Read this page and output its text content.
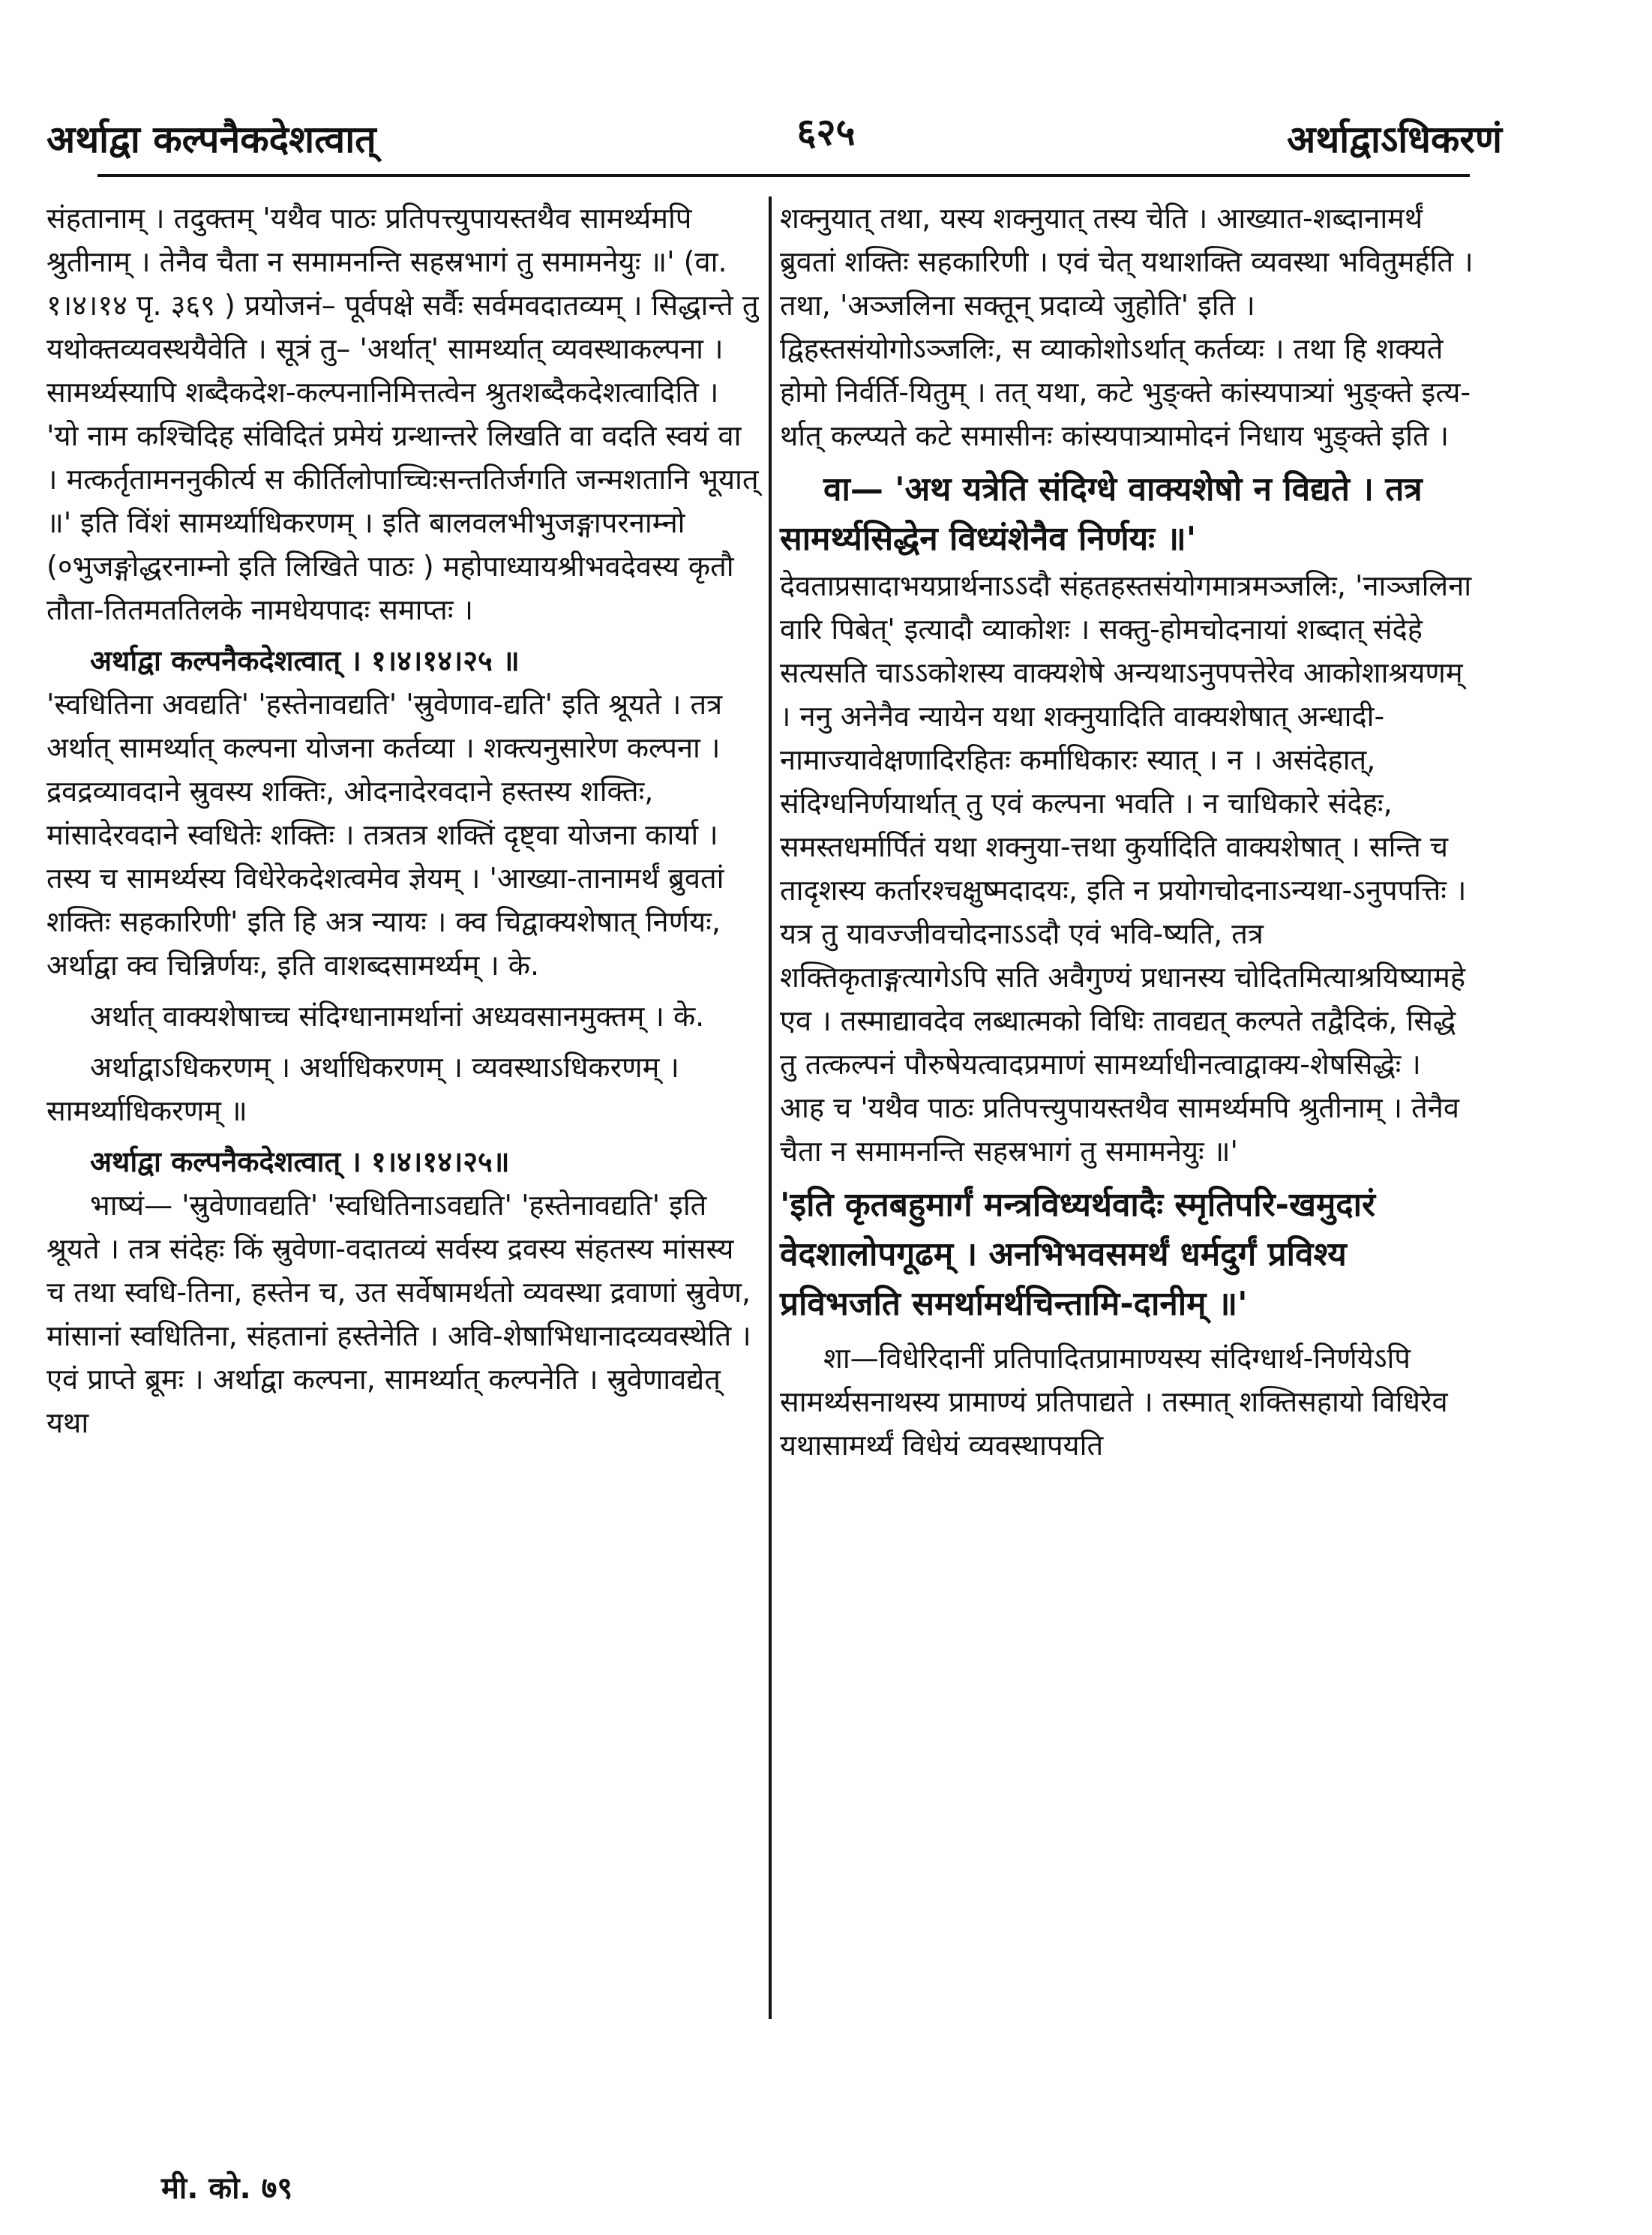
अर्थाद्वा कल्पनैकदेशत्वात्	६२५	अर्थाद्वाऽधिकरणं

संहतानाम् । तदुक्तम् 'यथैव पाठः प्रतिपत्त्युपायस्तथैव सामर्थ्यमपि श्रुतीनाम् । तेनैव चैता न समामनन्ति सहस्रभागं तु समामनेयुः ॥' (वा. १।४।१४ पृ. ३६९ ) प्रयोजनं– पूर्वपक्षे सर्वैः सर्वमवदातव्यम् । सिद्धान्ते तु यथोक्तव्यवस्थयैवेति । सूत्रं तु– 'अर्थात्' सामर्थ्यात् व्यवस्थाकल्पना । सामर्थ्यस्यापि शब्दैकदेश-कल्पनानिमित्तत्वेन श्रुतशब्दैकदेशत्वादिति । 'यो नाम कश्चिदिह संविदितं प्रमेयं ग्रन्थान्तरे लिखति वा वदति स्वयं वा । मत्कर्तृतामननुकीर्त्य स कीर्तिलोपाच्चिःसन्ततिर्जगति जन्मशतानि भूयात् ॥' इति विंशं सामर्थ्याधिकरणम् । इति बालवलभीभुजङ्गापरनाम्नो (०भुजङ्गोद्धरनाम्नो इति लिखिते पाठः ) महोपाध्यायश्रीभवदेवस्य कृतौ तौता-तितमततिलके नामधेयपादः समाप्तः ।

अर्थाद्वा कल्पनैकदेशत्वात् । १।४।१४।२५ ॥

'स्वधितिना अवद्यति' 'हस्तेनावद्यति' 'स्रुवेणाव-द्यति' इति श्रूयते । तत्र अर्थात् सामर्थ्यात् कल्पना योजना कर्तव्या । शक्त्यनुसारेण कल्पना । द्रवद्रव्यावदाने स्रुवस्य शक्तिः, ओदनादेरवदाने हस्तस्य शक्तिः, मांसादेरवदाने स्वधितेः शक्तिः । तत्रतत्र शक्तिं दृष्ट्वा योजना कार्या । तस्य च सामर्थ्यस्य विधेरेकदेशत्वमेव ज्ञेयम् । 'आख्या-तानामर्थं ब्रुवतां शक्तिः सहकारिणी' इति हि अत्र न्यायः । क्व चिद्वाक्यशेषात् निर्णयः, अर्थाद्वा क्व चिन्निर्णयः, इति वाशब्दसामर्थ्यम् । के.

अर्थात् वाक्यशेषाच्च संदिग्धानामर्थानां अध्यवसानमुक्तम् । के.

अर्थाद्वाऽधिकरणम् । अर्थाधिकरणम् । व्यवस्थाऽधिकरणम् । सामर्थ्याधिकरणम् ॥

अर्थाद्वा कल्पनैकदेशत्वात् । १।४।१४।२५॥

भाष्यं— 'स्रुवेणावद्यति' 'स्वधितिनाऽवद्यति' 'हस्तेनावद्यति' इति श्रूयते । तत्र संदेहः किं स्रुवेणा-वदातव्यं सर्वस्य द्रवस्य संहतस्य मांसस्य च तथा स्वधि-तिना, हस्तेन च, उत सर्वेषामर्थतो व्यवस्था द्रवाणां स्रुवेण, मांसानां स्वधितिना, संहतानां हस्तेनेति । अवि-शेषाभिधानादव्यवस्थेति । एवं प्राप्ते ब्रूमः । अर्थाद्वा कल्पना, सामर्थ्यात् कल्पनेति । स्रुवेणावद्येत् यथा

शक्नुयात् तथा, यस्य शक्नुयात् तस्य चेति । आख्यात-शब्दानामर्थं ब्रुवतां शक्तिः सहकारिणी । एवं चेत् यथाशक्ति व्यवस्था भवितुमर्हति । तथा, 'अञ्जलिना सक्तून् प्रदाव्ये जुहोति' इति । द्विहस्तसंयोगोऽञ्जलिः, स व्याकोशोऽर्थात् कर्तव्यः । तथा हि शक्यते होमो निर्वर्ति-यितुम् । तत् यथा, कटे भुङ्क्ते कांस्यपात्र्यां भुङ्क्ते इत्य-र्थात् कल्प्यते कटे समासीनः कांस्यपात्र्यामोदनं निधाय भुङ्क्ते इति ।

वा— 'अथ यत्रेति संदिग्धे वाक्यशेषो न विद्यते । तत्र सामर्थ्यसिद्धेन विध्यंशेनैव निर्णयः ॥'

देवताप्रसादाभयप्रार्थनाऽऽदौ संहतहस्तसंयोगमात्रमञ्जलिः, 'नाञ्जलिना वारि पिबेत्' इत्यादौ व्याकोशः । सक्तु-होमचोदनायां शब्दात् संदेहे सत्यसति चाऽऽकोशस्य वाक्यशेषे अन्यथाऽनुपपत्तेरेव आकोशाश्रयणम् । ननु अनेनैव न्यायेन यथा शक्नुयादिति वाक्यशेषात् अन्धादी-नामाज्यावेक्षणादिरहितः कर्माधिकारः स्यात् । न । असंदेहात्, संदिग्धनिर्णयार्थात् तु एवं कल्पना भवति । न चाधिकारे संदेहः, समस्तधर्मार्पितं यथा शक्नुया-त्तथा कुर्यादिति वाक्यशेषात् । सन्ति च तादृशस्य कर्तारश्चक्षुष्मदादयः, इति न प्रयोगचोदनाऽन्यथा-ऽनुपपत्तिः । यत्र तु यावज्जीवचोदनाऽऽदौ एवं भवि-ष्यति, तत्र शक्तिकृताङ्गत्यागेऽपि सति अवैगुण्यं प्रधानस्य चोदितमित्याश्रयिष्यामहे एव । तस्माद्यावदेव लब्धात्मको विधिः तावद्यत् कल्पते तद्वैदिकं, सिद्धे तु तत्कल्पनं पौरुषेयत्वादप्रमाणं सामर्थ्याधीनत्वाद्वाक्य-शेषसिद्धेः । आह च 'यथैव पाठः प्रतिपत्त्युपायस्तथैव सामर्थ्यमपि श्रुतीनाम् । तेनैव चैता न समामनन्ति सहस्रभागं तु समामनेयुः ॥'

'इति कृतबहुमार्गं मन्त्रविध्यर्थवादैः स्मृतिपरि-खमुदारं वेदशालोपगूढम् । अनभिभवसमर्थं धर्मदुर्गं प्रविश्य प्रविभजति समर्थामर्थचिन्तामि-दानीम् ॥'

शा—विधेरिदानीं प्रतिपादितप्रामाण्यस्य संदिग्धार्थ-निर्णयेऽपि सामर्थ्यसनाथस्य प्रामाण्यं प्रतिपाद्यते । तस्मात् शक्तिसहायो विधिरेव यथासामर्थ्यं विधेयं व्यवस्थापयति

मी. को. ७९
